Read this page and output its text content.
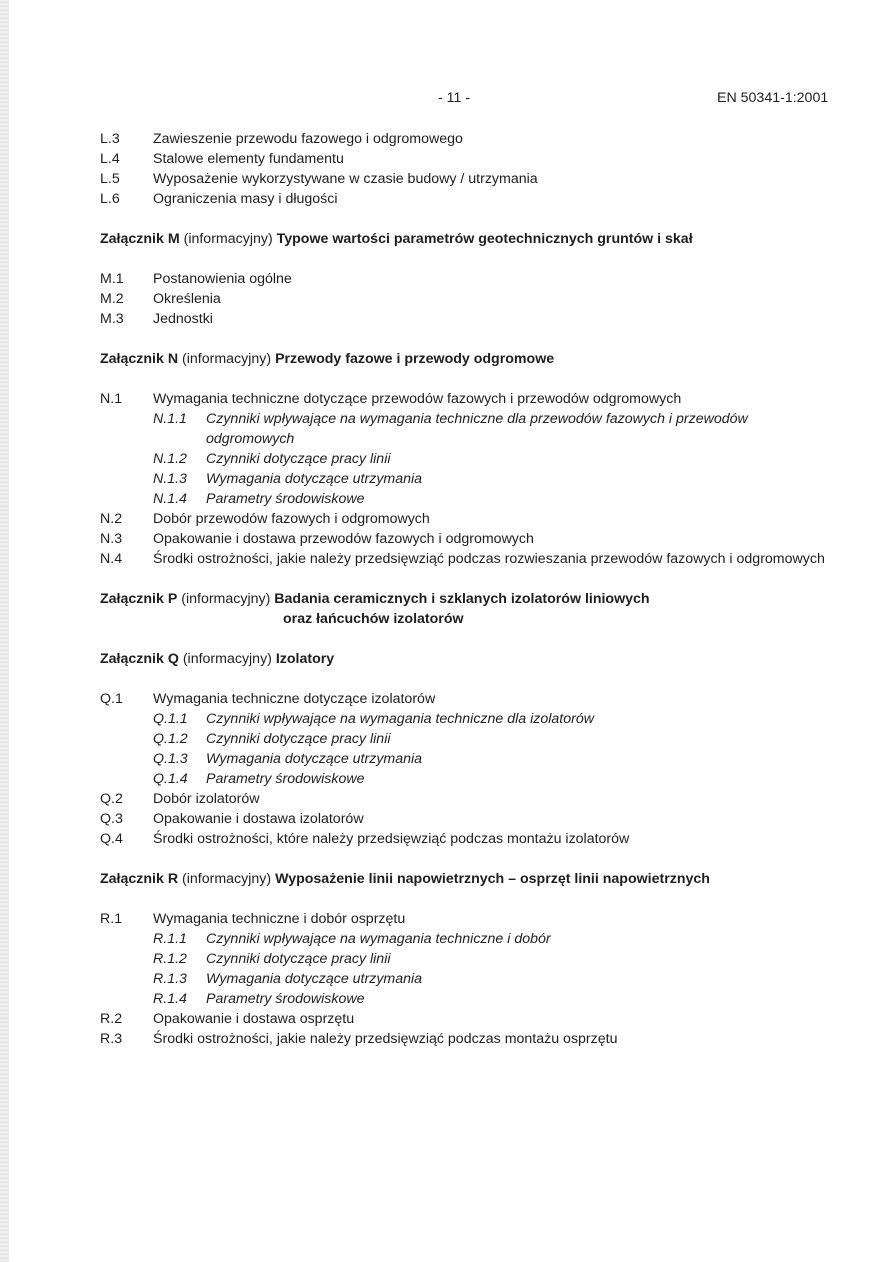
- 11 -	EN 50341-1:2001
L.3 Zawieszenie przewodu fazowego i odgromowego
L.4 Stalowe elementy fundamentu
L.5 Wyposażenie wykorzystywane w czasie budowy / utrzymania
L.6 Ograniczenia masy i długości
Załącznik M (informacyjny) Typowe wartości parametrów geotechnicznych gruntów i skał
M.1 Postanowienia ogólne
M.2 Określenia
M.3 Jednostki
Załącznik N (informacyjny) Przewody fazowe i przewody odgromowe
N.1 Wymagania techniczne dotyczące przewodów fazowych i przewodów odgromowych
N.1.1 Czynniki wpływające na wymagania techniczne dla przewodów fazowych i przewodów odgromowych
N.1.2 Czynniki dotyczące pracy linii
N.1.3 Wymagania dotyczące utrzymania
N.1.4 Parametry środowiskowe
N.2 Dobór przewodów fazowych i odgromowych
N.3 Opakowanie i dostawa przewodów fazowych i odgromowych
N.4 Środki ostrożności, jakie należy przedsięwziąć podczas rozwieszania przewodów fazowych i odgromowych
Załącznik P (informacyjny) Badania ceramicznych i szklanych izolatorów liniowych
oraz łańcuchów izolatorów
Załącznik Q (informacyjny) Izolatory
Q.1 Wymagania techniczne dotyczące izolatorów
Q.1.1 Czynniki wpływające na wymagania techniczne dla izolatorów
Q.1.2 Czynniki dotyczące pracy linii
Q.1.3 Wymagania dotyczące utrzymania
Q.1.4 Parametry środowiskowe
Q.2 Dobór izolatorów
Q.3 Opakowanie i dostawa izolatorów
Q.4 Środki ostrożności, które należy przedsięwziąć podczas montażu izolatorów
Załącznik R (informacyjny) Wyposażenie linii napowietrznych – osprzęt linii napowietrznych
R.1 Wymagania techniczne i dobór osprzętu
R.1.1 Czynniki wpływające na wymagania techniczne i dobór
R.1.2 Czynniki dotyczące pracy linii
R.1.3 Wymagania dotyczące utrzymania
R.1.4 Parametry środowiskowe
R.2 Opakowanie i dostawa osprzętu
R.3 Środki ostrożności, jakie należy przedsięwziąć podczas montażu osprzętu
